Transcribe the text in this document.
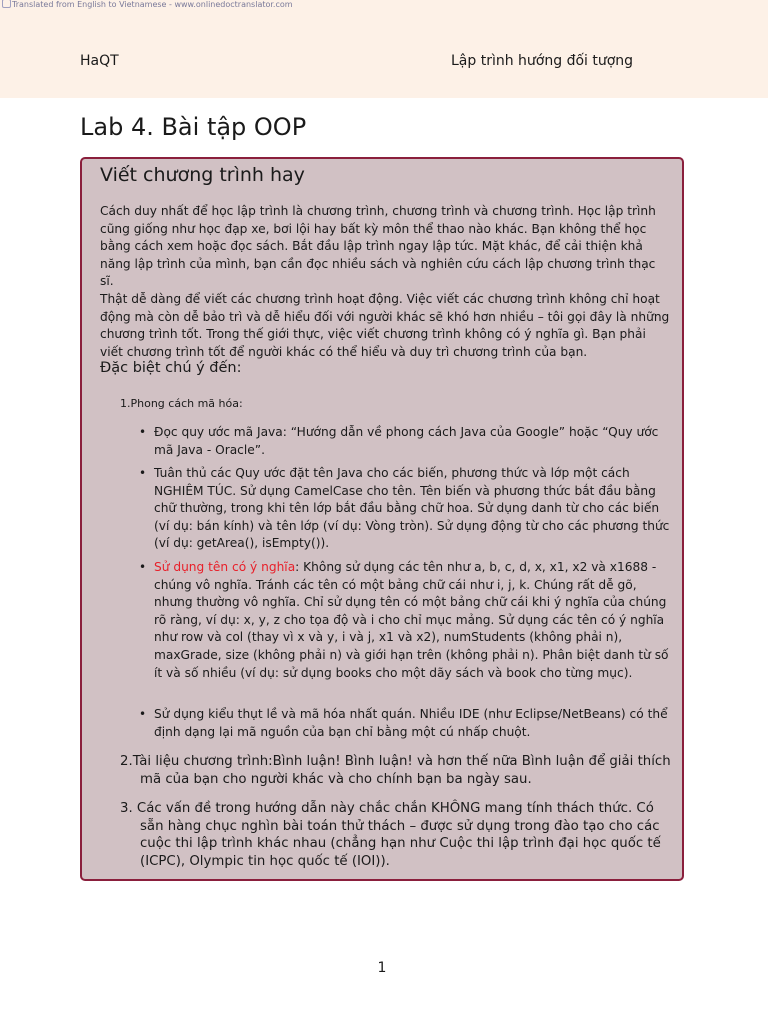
Translated from English to Vietnamese - www.onlinedoctranslator.com
HaQT	Lập trình hướng đối tượng
Lab 4. Bài tập OOP
Viết chương trình hay

Cách duy nhất để học lập trình là chương trình, chương trình và chương trình. Học lập trình cũng giống như học đạp xe, bơi lội hay bất kỳ môn thể thao nào khác. Bạn không thể học bằng cách xem hoặc đọc sách. Bắt đầu lập trình ngay lập tức. Mặt khác, để cải thiện khả năng lập trình của mình, bạn cần đọc nhiều sách và nghiên cứu cách lập chương trình thạc sĩ.

Thật dễ dàng để viết các chương trình hoạt động. Việc viết các chương trình không chỉ hoạt động mà còn dễ bảo trì và dễ hiểu đối với người khác sẽ khó hơn nhiều – tôi gọi đây là những chương trình tốt. Trong thế giới thực, việc viết chương trình không có ý nghĩa gì. Bạn phải viết chương trình tốt để người khác có thể hiểu và duy trì chương trình của bạn.

Đặc biệt chú ý đến:

1.Phong cách mã hóa:

• Đọc quy ước mã Java: “Hướng dẫn về phong cách Java của Google” hoặc “Quy ước mã Java - Oracle”.
• Tuân thủ các Quy ước đặt tên Java cho các biến, phương thức và lớp một cách NGHIÊM TÚC. Sử dụng CamelCase cho tên. Tên biến và phương thức bắt đầu bằng chữ thường, trong khi tên lớp bắt đầu bằng chữ hoa. Sử dụng danh từ cho các biến (ví dụ: bán kính) và tên lớp (ví dụ: Vòng tròn). Sử dụng động từ cho các phương thức (ví dụ: getArea(), isEmpty()).
• Sử dụng tên có ý nghĩa: Không sử dụng các tên như a, b, c, d, x, x1, x2 và x1688 - chúng vô nghĩa. Tránh các tên có một bảng chữ cái như i, j, k. Chúng rất dễ gõ, nhưng thường vô nghĩa. Chỉ sử dụng tên có một bảng chữ cái khi ý nghĩa của chúng rõ ràng, ví dụ: x, y, z cho tọa độ và i cho chỉ mục mảng. Sử dụng các tên có ý nghĩa như row và col (thay vì x và y, i và j, x1 và x2), numStudents (không phải n), maxGrade, size (không phải n) và giới hạn trên (không phải n). Phân biệt danh từ số ít và số nhiều (ví dụ: sử dụng books cho một dãy sách và book cho từng mục).
• Sử dụng kiểu thụt lề và mã hóa nhất quán. Nhiều IDE (như Eclipse/NetBeans) có thể định dạng lại mã nguồn của bạn chỉ bằng một cú nhấp chuột.
2.Tài liệu chương trình:Bình luận! Bình luận! và hơn thế nữa Bình luận để giải thích mã của bạn cho người khác và cho chính bạn ba ngày sau.
3. Các vấn đề trong hướng dẫn này chắc chắn KHÔNG mang tính thách thức. Có sẵn hàng chục nghìn bài toán thử thách – được sử dụng trong đào tạo cho các cuộc thi lập trình khác nhau (chẳng hạn như Cuộc thi lập trình đại học quốc tế (ICPC), Olympic tin học quốc tế (IOI)).
1
